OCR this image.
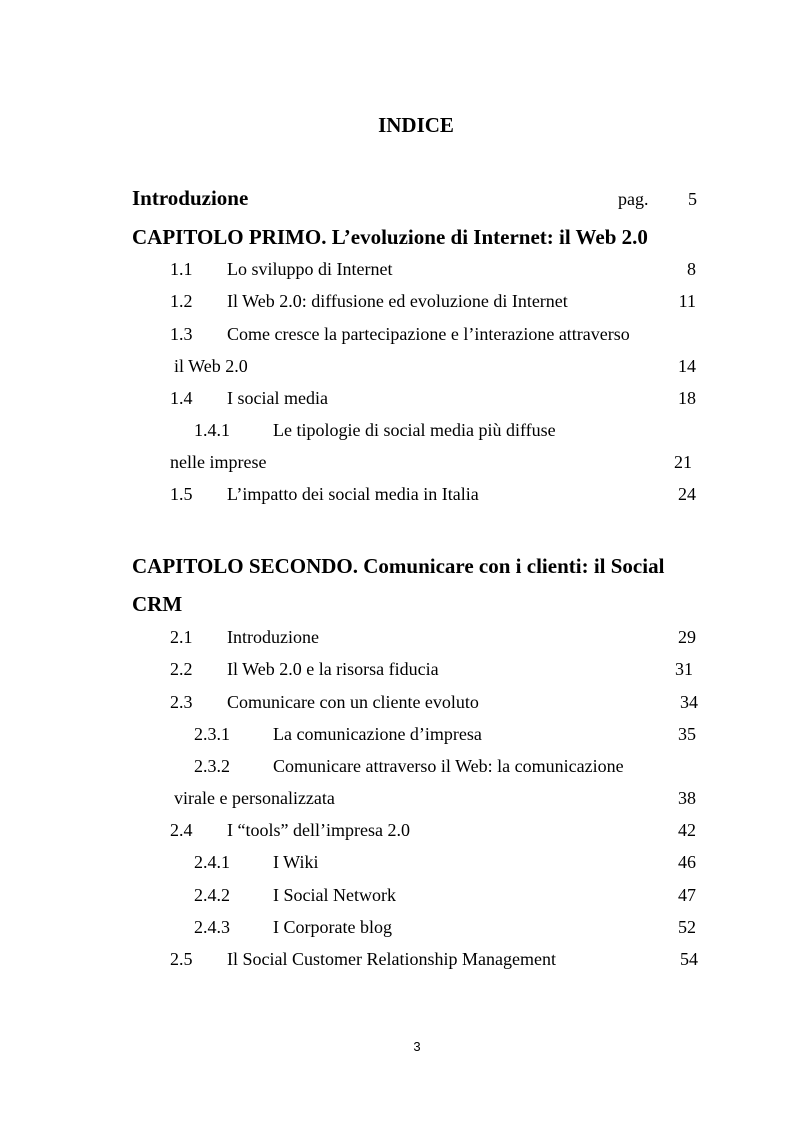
INDICE
Introduzione	pag. 5
CAPITOLO PRIMO. L’evoluzione di Internet: il Web 2.0
1.1 Lo sviluppo di Internet	8
1.2 Il Web 2.0: diffusione ed evoluzione di Internet	11
1.3 Come cresce la partecipazione e l’interazione attraverso
il Web 2.0	14
1.4 I social media	18
1.4.1 Le tipologie di social media più diffuse
nelle imprese	21
1.5 L’impatto dei social media in Italia	24
CAPITOLO SECONDO. Comunicare con i clienti: il Social
CRM
2.1 Introduzione	29
2.2 Il Web 2.0 e la risorsa fiducia	31
2.3 Comunicare con un cliente evoluto	34
2.3.1 La comunicazione d’impresa	35
2.3.2 Comunicare attraverso il Web: la comunicazione
virale e personalizzata	38
2.4 I “tools” dell’impresa 2.0	42
2.4.1 I Wiki	46
2.4.2 I Social Network	47
2.4.3 I Corporate blog	52
2.5 Il Social Customer Relationship Management	54
3
